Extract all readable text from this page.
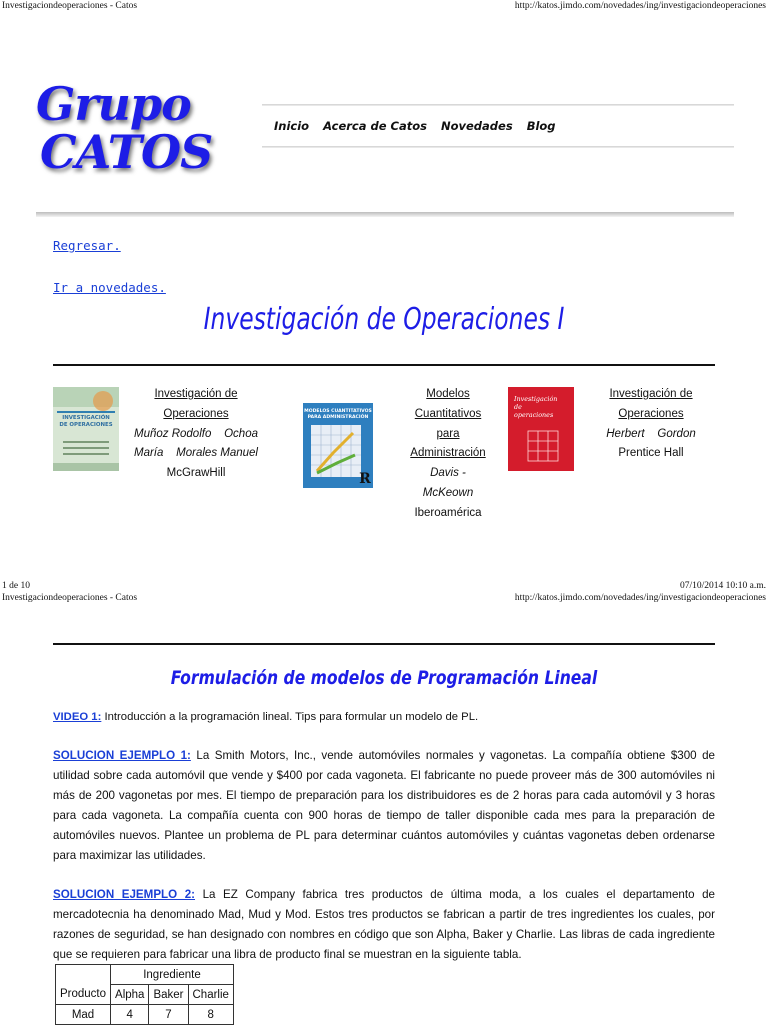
Investigaciondeoperaciones - Catos	http://katos.jimdo.com/novedades/ing/investigaciondeoperaciones
Grupo
CATOS	Inicio Acerca de Catos Novedades Blog
Regresar.
Ir a novedades.
Investigación de Operaciones I
INVESTIGACIÓN
DE OPERACIONES
Investigación de
Operaciones
Muñoz Rodolfo    Ochoa
María    Morales Manuel
McGrawHill
MODELOS CUANTITATIVOS
PARA ADMINISTRACIÓN
R
Modelos
Cuantitativos
para
Administración
Davis -
McKeown
Iberoamérica
Investigación
de
operaciones
Investigación de
Operaciones
Herbert    Gordon
Prentice Hall
1 de 10	07/10/2014 10:10 a.m.
Investigaciondeoperaciones - Catos	http://katos.jimdo.com/novedades/ing/investigaciondeoperaciones
Formulación de modelos de Programación Lineal
VIDEO 1: Introducción a la programación lineal. Tips para formular un modelo de PL.
SOLUCION EJEMPLO 1: La Smith Motors, Inc., vende automóviles normales y vagonetas. La compañía obtiene $300 de utilidad sobre cada automóvil que vende y $400 por cada vagoneta. El fabricante no puede proveer más de 300 automóviles ni más de 200 vagonetas por mes. El tiempo de preparación para los distribuidores es de 2 horas para cada automóvil y 3 horas para cada vagoneta. La compañía cuenta con 900 horas de tiempo de taller disponible cada mes para la preparación de automóviles nuevos. Plantee un problema de PL para determinar cuántos automóviles y cuántas vagonetas deben ordenarse para maximizar las utilidades.
SOLUCION EJEMPLO 2: La EZ Company fabrica tres productos de última moda, a los cuales el departamento de mercadotecnia ha denominado Mad, Mud y Mod. Estos tres productos se fabrican a partir de tres ingredientes los cuales, por razones de seguridad, se han designado con nombres en código que son Alpha, Baker y Charlie. Las libras de cada ingrediente que se requieren para fabricar una libra de producto final se muestran en la siguiente tabla.
	Ingrediente		
Producto	Alpha	Baker	Charlie
Mad	4	7	8
